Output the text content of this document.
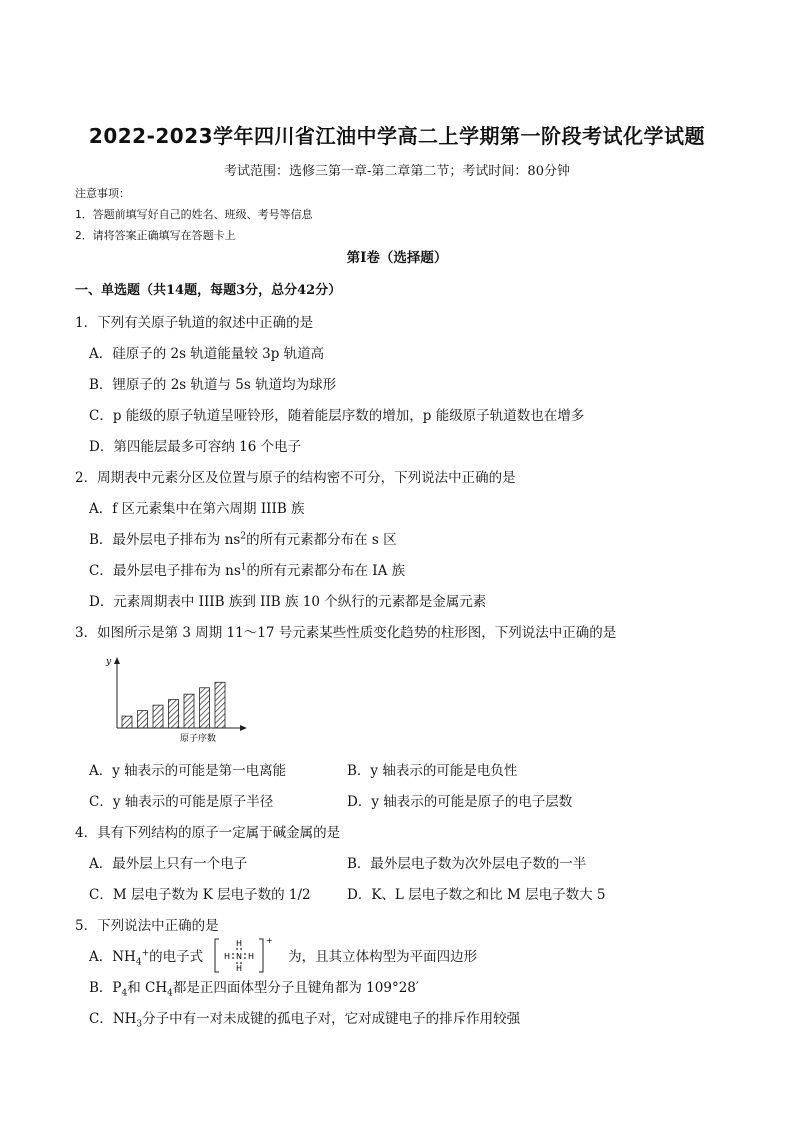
2022-2023学年四川省江油中学高二上学期第一阶段考试化学试题
考试范围：选修三第一章-第二章第二节；考试时间：80分钟
注意事项：
1．答题前填写好自己的姓名、班级、考号等信息
2．请将答案正确填写在答题卡上
第Ⅰ卷（选择题）
一、单选题（共14题，每题3分，总分42分）
1．下列有关原子轨道的叙述中正确的是
A．硅原子的 2s 轨道能量较 3p 轨道高
B．锂原子的 2s 轨道与 5s 轨道均为球形
C．p 能级的原子轨道呈哑铃形，随着能层序数的增加，p 能级原子轨道数也在增多
D．第四能层最多可容纳 16 个电子
2．周期表中元素分区及位置与原子的结构密不可分，下列说法中正确的是
A．f 区元素集中在第六周期 IIIB 族
B．最外层电子排布为 $ns^2$的所有元素都分布在 s 区
C．最外层电子排布为 $ns^1$的所有元素都分布在 IA 族
D．元素周期表中 IIIB 族到 IIB 族 10 个纵行的元素都是金属元素
3．如图所示是第 3 周期 11～17 号元素某些性质变化趋势的柱形图，下列说法中正确的是
y
原子序数
A．y 轴表示的可能是第一电离能	B．y 轴表示的可能是电负性
C．y 轴表示的可能是原子半径	D．y 轴表示的可能是原子的电子层数
4．具有下列结构的原子一定属于碱金属的是
A．最外层上只有一个电子	B．最外层电子数为次外层电子数的一半
C．M 层电子数为 K 层电子数的 1/2	D．K、L 层电子数之和比 M 层电子数大 5
5．下列说法中正确的是
A．$NH_4^+$的电子式	为，且其立体构型为平面四边形
H
H N H
H
+
B．$P_4$和 $CH_4$都是正四面体型分子且键角都为 109°28′
C．$NH_3$分子中有一对未成键的孤电子对，它对成键电子的排斥作用较强
